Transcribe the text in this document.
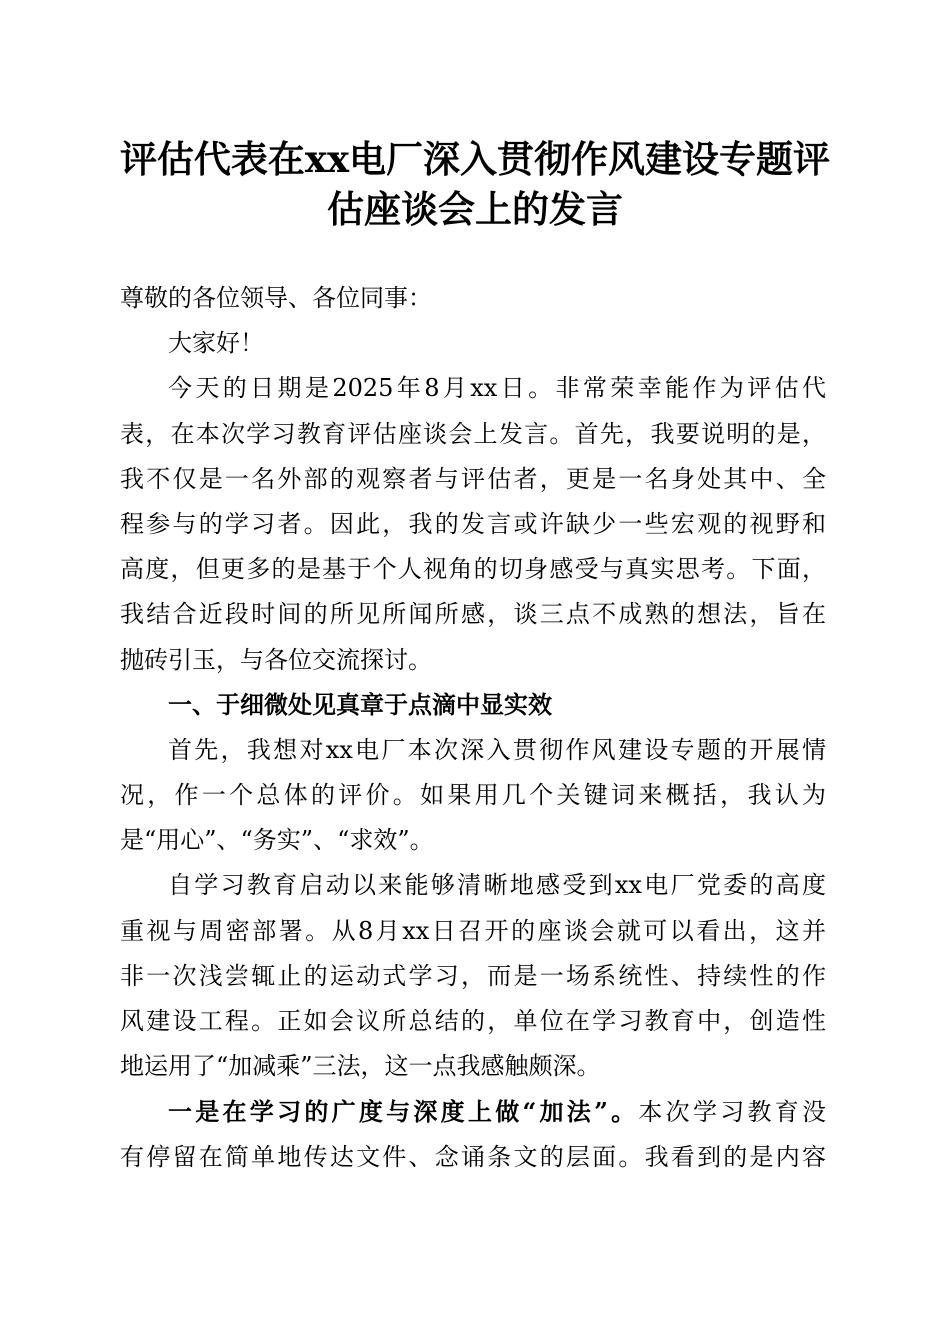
评估代表在xx电厂深入贯彻作风建设专题评
估座谈会上的发言
尊敬的各位领导、各位同事：
大家好！
今天的日期是2025年8月xx日。非常荣幸能作为评估代
表，在本次学习教育评估座谈会上发言。首先，我要说明的是，
我不仅是一名外部的观察者与评估者，更是一名身处其中、全
程参与的学习者。因此，我的发言或许缺少一些宏观的视野和
高度，但更多的是基于个人视角的切身感受与真实思考。下面，
我结合近段时间的所见所闻所感，谈三点不成熟的想法，旨在
抛砖引玉，与各位交流探讨。
一、于细微处见真章于点滴中显实效
首先，我想对xx电厂本次深入贯彻作风建设专题的开展情
况，作一个总体的评价。如果用几个关键词来概括，我认为
是“用心”、“务实”、“求效”。
自学习教育启动以来能够清晰地感受到xx电厂党委的高度
重视与周密部署。从8月xx日召开的座谈会就可以看出，这并
非一次浅尝辄止的运动式学习，而是一场系统性、持续性的作
风建设工程。正如会议所总结的，单位在学习教育中，创造性
地运用了“加减乘”三法，这一点我感触颇深。
一是在学习的广度与深度上做“加法”。本次学习教育没
有停留在简单地传达文件、念诵条文的层面。我看到的是内容
